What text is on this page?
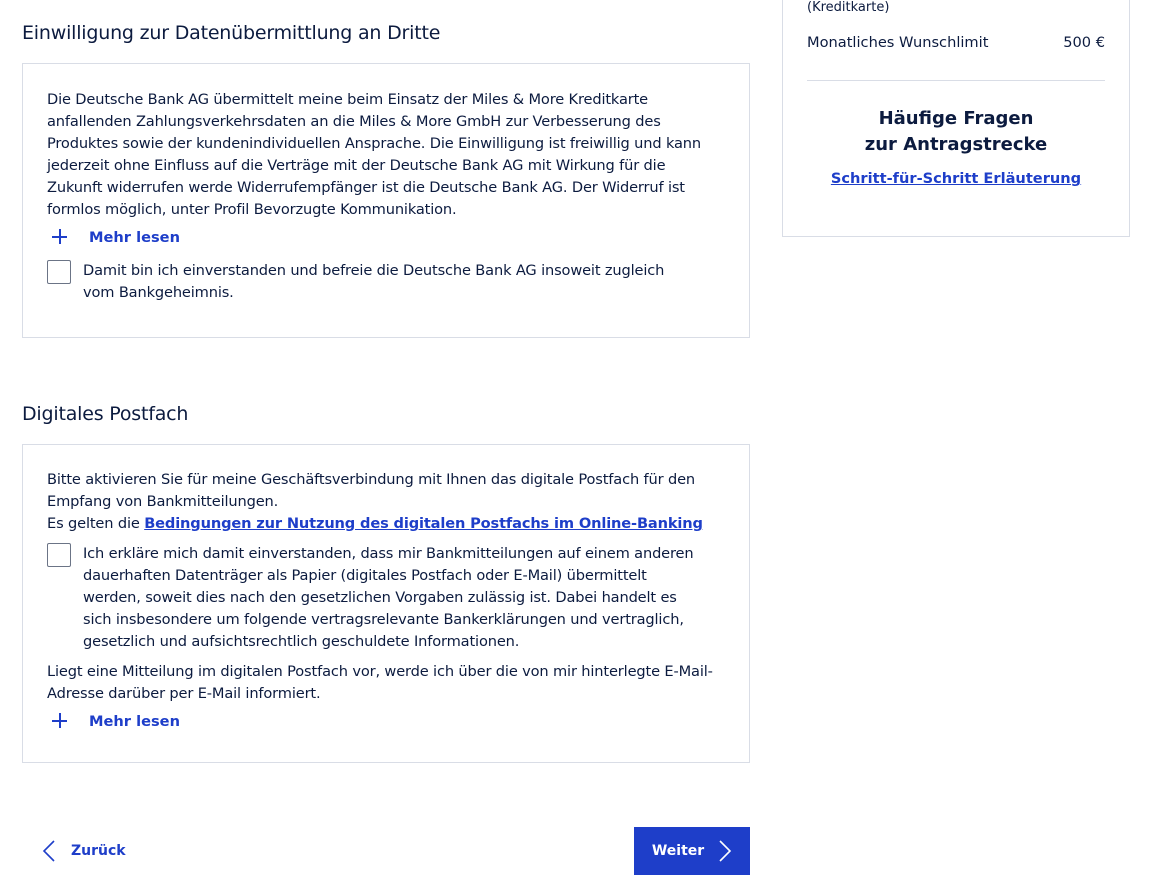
(Kreditkarte)
Monatliches Wunschlimit	500 €
Häufige Fragen
zur Antragstrecke
Schritt-für-Schritt Erläuterung
Einwilligung zur Datenübermittlung an Dritte
Die Deutsche Bank AG übermittelt meine beim Einsatz der Miles & More Kreditkarte
anfallenden Zahlungsverkehrsdaten an die Miles & More GmbH zur Verbesserung des
Produktes sowie der kundenindividuellen Ansprache. Die Einwilligung ist freiwillig und kann
jederzeit ohne Einfluss auf die Verträge mit der Deutsche Bank AG mit Wirkung für die
Zukunft widerrufen werde Widerrufempfänger ist die Deutsche Bank AG. Der Widerruf ist
formlos möglich, unter Profil Bevorzugte Kommunikation.
Mehr lesen
Damit bin ich einverstanden und befreie die Deutsche Bank AG insoweit zugleich
vom Bankgeheimnis.
Digitales Postfach
Bitte aktivieren Sie für meine Geschäftsverbindung mit Ihnen das digitale Postfach für den
Empfang von Bankmitteilungen.
Es gelten die Bedingungen zur Nutzung des digitalen Postfachs im Online-Banking
Ich erkläre mich damit einverstanden, dass mir Bankmitteilungen auf einem anderen
dauerhaften Datenträger als Papier (digitales Postfach oder E-Mail) übermittelt
werden, soweit dies nach den gesetzlichen Vorgaben zulässig ist. Dabei handelt es
sich insbesondere um folgende vertragsrelevante Bankerklärungen und vertraglich,
gesetzlich und aufsichtsrechtlich geschuldete Informationen.
Liegt eine Mitteilung im digitalen Postfach vor, werde ich über die von mir hinterlegte E-Mail-
Adresse darüber per E-Mail informiert.
Mehr lesen
Zurück	Weiter
